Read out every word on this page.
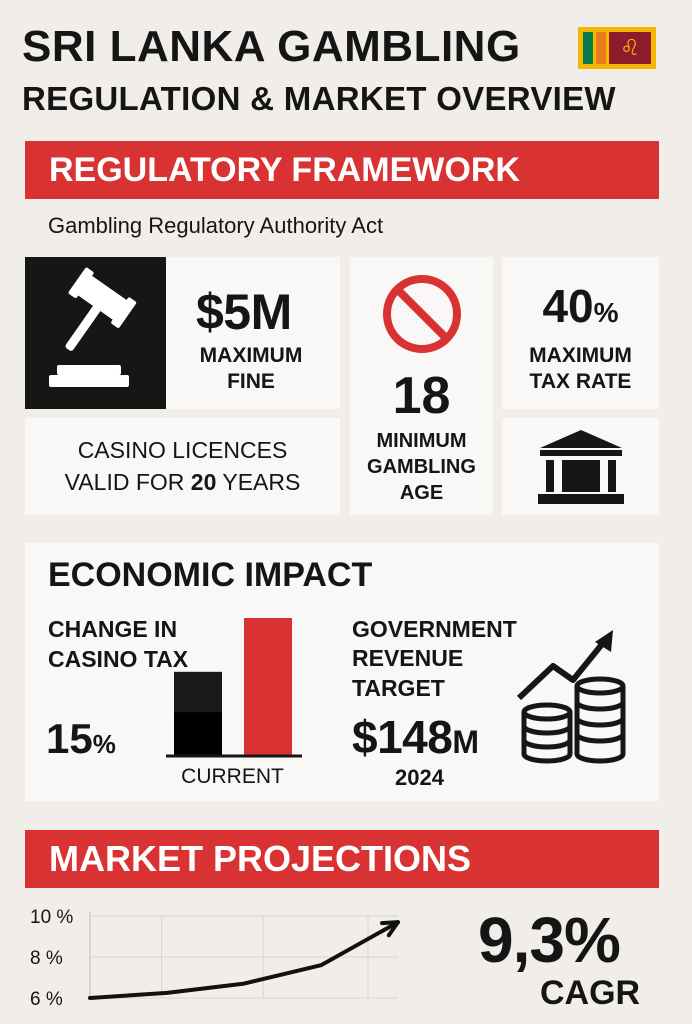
SRI LANKA GAMBLING
REGULATION & MARKET OVERVIEW
♌
REGULATORY FRAMEWORK
Gambling Regulatory Authority Act
$5M
MAXIMUM
FINE	18
MINIMUM
GAMBLING
AGE
40%
MAXIMUM
TAX RATE
CASINO LICENCES
VALID FOR 20 YEARS
ECONOMIC IMPACT
CHANGE IN
CASINO TAX
15%
CURRENT
GOVERNMENT
REVENUE
TARGET
$148M
2024
MARKET PROJECTIONS
10 %
8 %
6 %
9,3%
CAGR
